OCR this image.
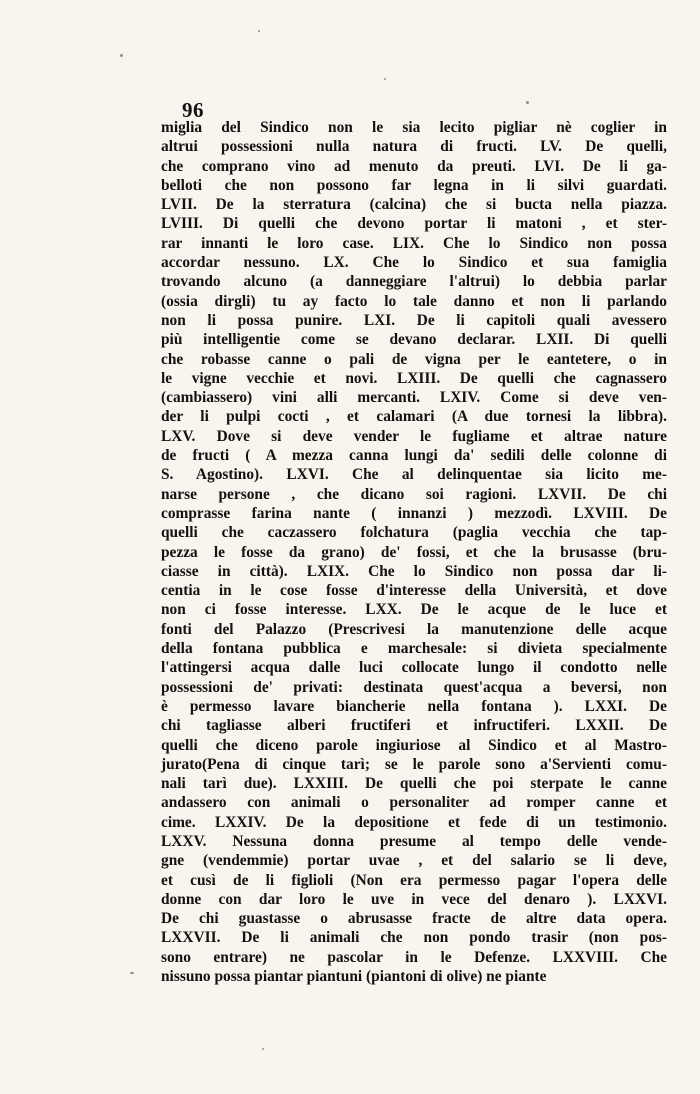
96
miglia del Sindico non le sia lecito pigliar nè coglier in
altrui possessioni nulla natura di fructi. LV. De quelli,
che comprano vino ad menuto da preuti. LVI. De li ga-
belloti che non possono far legna in li silvi guardati.
LVII. De la sterratura (calcina) che si bucta nella piazza.
LVIII. Di quelli che devono portar li matoni , et ster-
rar innanti le loro case. LIX. Che lo Sindico non possa
accordar nessuno. LX. Che lo Sindico et sua famiglia
trovando alcuno (a danneggiare l'altrui) lo debbia parlar
(ossia dirgli) tu ay facto lo tale danno et non li parlando
non li possa punire. LXI. De li capitoli quali avessero
più intelligentie come se devano declarar. LXII. Di quelli
che robasse canne o pali de vigna per le eantetere, o in
le vigne vecchie et novi. LXIII. De quelli che cagnassero
(cambiassero) vini alli mercanti. LXIV. Come si deve ven-
der li pulpi cocti , et calamari (A due tornesi la libbra).
LXV. Dove si deve vender le fugliame et altrae nature
de fructi ( A mezza canna lungi da' sedili delle colonne di
S. Agostino). LXVI. Che al delinquentae sia licito me-
narse persone , che dicano soi ragioni. LXVII. De chi
comprasse farina nante ( innanzi ) mezzodì. LXVIII. De
quelli che caczassero folchatura (paglia vecchia che tap-
pezza le fosse da grano) de' fossi, et che la brusasse (bru-
ciasse in città). LXIX. Che lo Sindico non possa dar li-
centia in le cose fosse d'interesse della Università, et dove
non ci fosse interesse. LXX. De le acque de le luce et
fonti del Palazzo (Prescrivesi la manutenzione delle acque
della fontana pubblica e marchesale: si divieta specialmente
l'attingersi acqua dalle luci collocate lungo il condotto nelle
possessioni de' privati: destinata quest'acqua a beversi, non
è permesso lavare biancherie nella fontana ). LXXI. De
chi tagliasse alberi fructiferi et infructiferi. LXXII. De
quelli che diceno parole ingiuriose al Sindico et al Mastro-
jurato(Pena di cinque tarì; se le parole sono a'Servienti comu-
nali tarì due). LXXIII. De quelli che poi sterpate le canne
andassero con animali o personaliter ad romper canne et
cime. LXXIV. De la depositione et fede di un testimonio.
LXXV. Nessuna donna presume al tempo delle vende-
gne (vendemmie) portar uvae , et del salario se li deve,
et cusì de li figlioli (Non era permesso pagar l'opera delle
donne con dar loro le uve in vece del denaro ). LXXVI.
De chi guastasse o abrusasse fracte de altre data opera.
LXXVII. De li animali che non pondo trasir (non pos-
sono entrare) ne pascolar in le Defenze. LXXVIII. Che
nissuno possa piantar piantuni (piantoni di olive) ne piante
